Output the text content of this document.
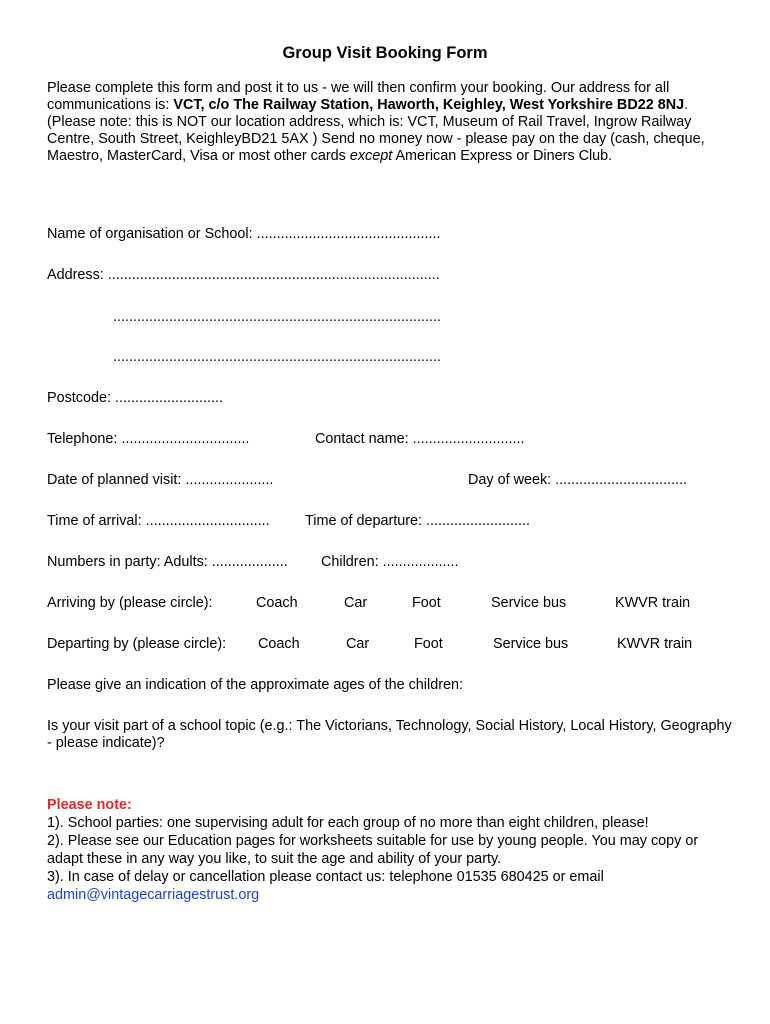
Group Visit Booking Form
Please complete this form and post it to us - we will then confirm your booking. Our address for all communications is: VCT, c/o The Railway Station, Haworth, Keighley, West Yorkshire BD22 8NJ. (Please note: this is NOT our location address, which is: VCT, Museum of Rail Travel, Ingrow Railway Centre, South Street, KeighleyBD21 5AX ) Send no money now - please pay on the day (cash, cheque, Maestro, MasterCard, Visa or most other cards except American Express or Diners Club.
Name of organisation or School: ..............................................
Address: ...................................................................................
..................................................................................
..................................................................................
Postcode: ...........................
Telephone: ................................	Contact name: ............................
Date of planned visit: ......................	Day of week: .................................
Time of arrival: ............................... Time of departure: ..........................
Numbers in party: Adults: ................... Children: ...................
Arriving by (please circle):	Coach	Car	Foot	Service bus	KWVR train
Departing by (please circle): Coach	Car	Foot	Service bus	KWVR train
Please give an indication of the approximate ages of the children:
Is your visit part of a school topic (e.g.: The Victorians, Technology, Social History, Local History, Geography - please indicate)?
Please note:
1). School parties: one supervising adult for each group of no more than eight children, please!
2). Please see our Education pages for worksheets suitable for use by young people. You may copy or adapt these in any way you like, to suit the age and ability of your party.
3). In case of delay or cancellation please contact us: telephone 01535 680425 or email
admin@vintagecarriagestrust.org
